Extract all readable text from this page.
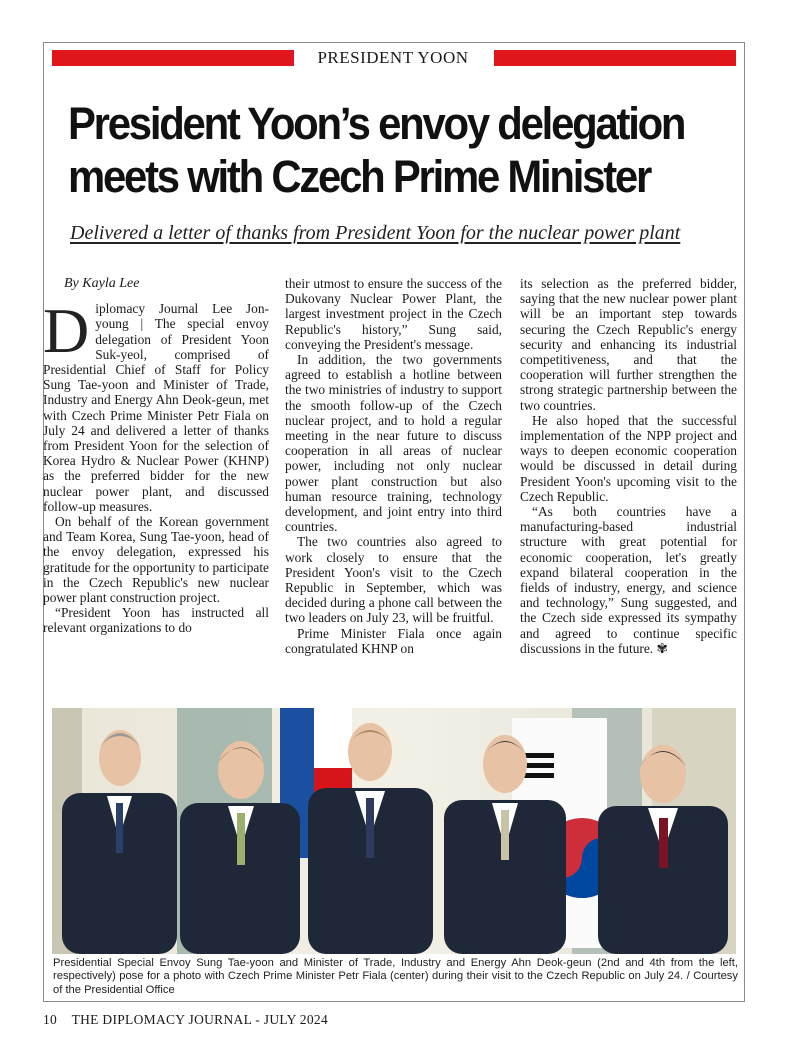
PRESIDENT YOON
President Yoon’s envoy delegation
meets with Czech Prime Minister
Delivered a letter of thanks from President Yoon for the nuclear power plant
By Kayla Lee

Diplomacy Journal Lee Jon-young | The special envoy delegation of President Yoon Suk-yeol, comprised of Presidential Chief of Staff for Policy Sung Tae-yoon and Minister of Trade, Industry and Energy Ahn Deok-geun, met with Czech Prime Minister Petr Fiala on July 24 and delivered a letter of thanks from President Yoon for the selection of Korea Hydro & Nuclear Power (KHNP) as the preferred bidder for the new nuclear power plant, and discussed follow-up measures.

On behalf of the Korean government and Team Korea, Sung Tae-yoon, head of the envoy delegation, expressed his gratitude for the opportunity to participate in the Czech Republic's new nuclear power plant construction project.

“President Yoon has instructed all relevant organizations to do

their utmost to ensure the success of the Dukovany Nuclear Power Plant, the largest investment project in the Czech Republic's history,” Sung said, conveying the President's message.

In addition, the two governments agreed to establish a hotline between the two ministries of industry to support the smooth follow-up of the Czech nuclear project, and to hold a regular meeting in the near future to discuss cooperation in all areas of nuclear power, including not only nuclear power plant construction but also human resource training, technology development, and joint entry into third countries.

The two countries also agreed to work closely to ensure that the President Yoon's visit to the Czech Republic in September, which was decided during a phone call between the two leaders on July 23, will be fruitful.

Prime Minister Fiala once again congratulated KHNP on

its selection as the preferred bidder, saying that the new nuclear power plant will be an important step towards securing the Czech Republic's energy security and enhancing its industrial competitiveness, and that the cooperation will further strengthen the strong strategic partnership between the two countries.

He also hoped that the successful implementation of the NPP project and ways to deepen economic cooperation would be discussed in detail during President Yoon's upcoming visit to the Czech Republic.

“As both countries have a manufacturing-based industrial structure with great potential for economic cooperation, let's greatly expand bilateral cooperation in the fields of industry, energy, and science and technology,” Sung suggested, and the Czech side expressed its sympathy and agreed to continue specific discussions in the future. ✾

Presidential Special Envoy Sung Tae-yoon and Minister of Trade, Industry and Energy Ahn Deok-geun (2nd and 4th from the left, respectively) pose for a photo with Czech Prime Minister Petr Fiala (center) during their visit to the Czech Republic on July 24. / Courtesy of the Presidential Office
10 THE DIPLOMACY JOURNAL - JULY 2024
